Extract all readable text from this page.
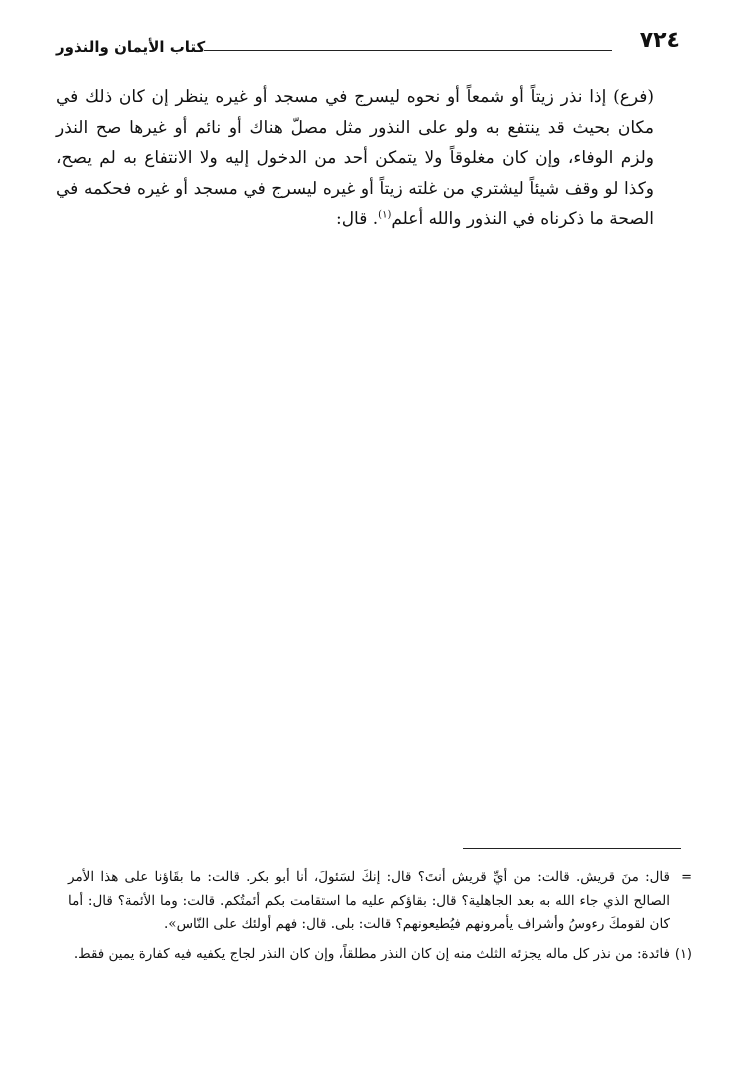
٧٢٤
كتاب الأيمان والنذور

(فرع) إذا نذر زيتاً أو شمعاً أو نحوه ليسرج في مسجد أو غيره ينظر إن كان ذلك في مكان بحيث قد ينتفع به ولو على النذور مثل مصلّ هناك أو نائم أو غيرها صح النذر ولزم الوفاء، وإن كان مغلوقاً ولا يتمكن أحد من الدخول إليه ولا الانتفاع به لم يصح، وكذا لو وقف شيئاً ليشتري من غلته زيتاً أو غيره ليسرج في مسجد أو غيره فحكمه في الصحة ما ذكرناه في النذور والله أعلم$^{(١)}$. قال:

=
قال: منَ قريش. قالت: من أيِّ قريش أنتَ؟ قال: إنكَ لسَئولَ، أنا أبو بكر. قالت: ما بقَاؤنا على هذا الأمر الصالح الذي جاء الله به بعد الجاهلية؟ قال: بقاؤكم عليه ما استقامت بكم أئمتُكم. قالت: وما الأئمة؟ قال: أما كان لقومكَ رءوسُ وأشراف يأمرونهم فيُطيعونهم؟ قالت: بلى. قال: فهم أولئك على النّاس».

(١)
فائدة: من نذر كل ماله يجزئه الثلث منه إن كان النذر مطلقاً، وإن كان النذر لجاج يكفيه فيه كفارة يمين فقط.
